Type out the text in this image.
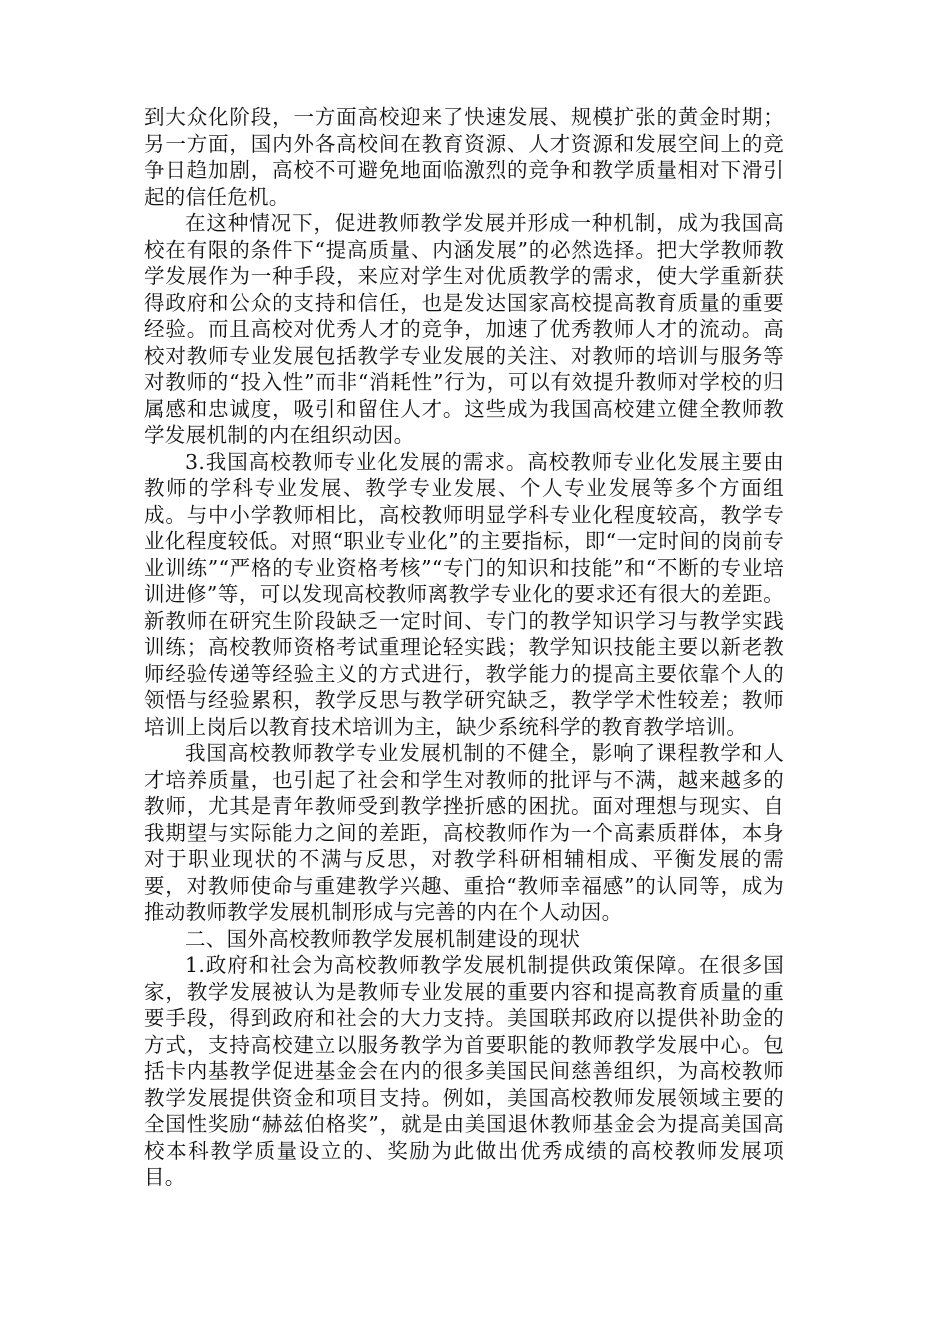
到大众化阶段，一方面高校迎来了快速发展、规模扩张的黄金时期；另一方面，国内外各高校间在教育资源、人才资源和发展空间上的竞争日趋加剧，高校不可避免地面临激烈的竞争和教学质量相对下滑引起的信任危机。

在这种情况下，促进教师教学发展并形成一种机制，成为我国高校在有限的条件下“提高质量、内涵发展”的必然选择。把大学教师教学发展作为一种手段，来应对学生对优质教学的需求，使大学重新获得政府和公众的支持和信任，也是发达国家高校提高教育质量的重要经验。而且高校对优秀人才的竞争，加速了优秀教师人才的流动。高校对教师专业发展包括教学专业发展的关注、对教师的培训与服务等对教师的“投入性”而非“消耗性”行为，可以有效提升教师对学校的归属感和忠诚度，吸引和留住人才。这些成为我国高校建立健全教师教学发展机制的内在组织动因。

3.我国高校教师专业化发展的需求。高校教师专业化发展主要由教师的学科专业发展、教学专业发展、个人专业发展等多个方面组成。与中小学教师相比，高校教师明显学科专业化程度较高，教学专业化程度较低。对照“职业专业化”的主要指标，即“一定时间的岗前专业训练”“严格的专业资格考核”“专门的知识和技能”和“不断的专业培训进修”等，可以发现高校教师离教学专业化的要求还有很大的差距。新教师在研究生阶段缺乏一定时间、专门的教学知识学习与教学实践训练；高校教师资格考试重理论轻实践；教学知识技能主要以新老教师经验传递等经验主义的方式进行，教学能力的提高主要依靠个人的领悟与经验累积，教学反思与教学研究缺乏，教学学术性较差；教师培训上岗后以教育技术培训为主，缺少系统科学的教育教学培训。

我国高校教师教学专业发展机制的不健全，影响了课程教学和人才培养质量，也引起了社会和学生对教师的批评与不满，越来越多的教师，尤其是青年教师受到教学挫折感的困扰。面对理想与现实、自我期望与实际能力之间的差距，高校教师作为一个高素质群体，本身对于职业现状的不满与反思，对教学科研相辅相成、平衡发展的需要，对教师使命与重建教学兴趣、重拾“教师幸福感”的认同等，成为推动教师教学发展机制形成与完善的内在个人动因。

二、国外高校教师教学发展机制建设的现状

1.政府和社会为高校教师教学发展机制提供政策保障。在很多国家，教学发展被认为是教师专业发展的重要内容和提高教育质量的重要手段，得到政府和社会的大力支持。美国联邦政府以提供补助金的方式，支持高校建立以服务教学为首要职能的教师教学发展中心。包括卡内基教学促进基金会在内的很多美国民间慈善组织，为高校教师教学发展提供资金和项目支持。例如，美国高校教师发展领域主要的全国性奖励“赫兹伯格奖”，就是由美国退休教师基金会为提高美国高校本科教学质量设立的、奖励为此做出优秀成绩的高校教师发展项目。
